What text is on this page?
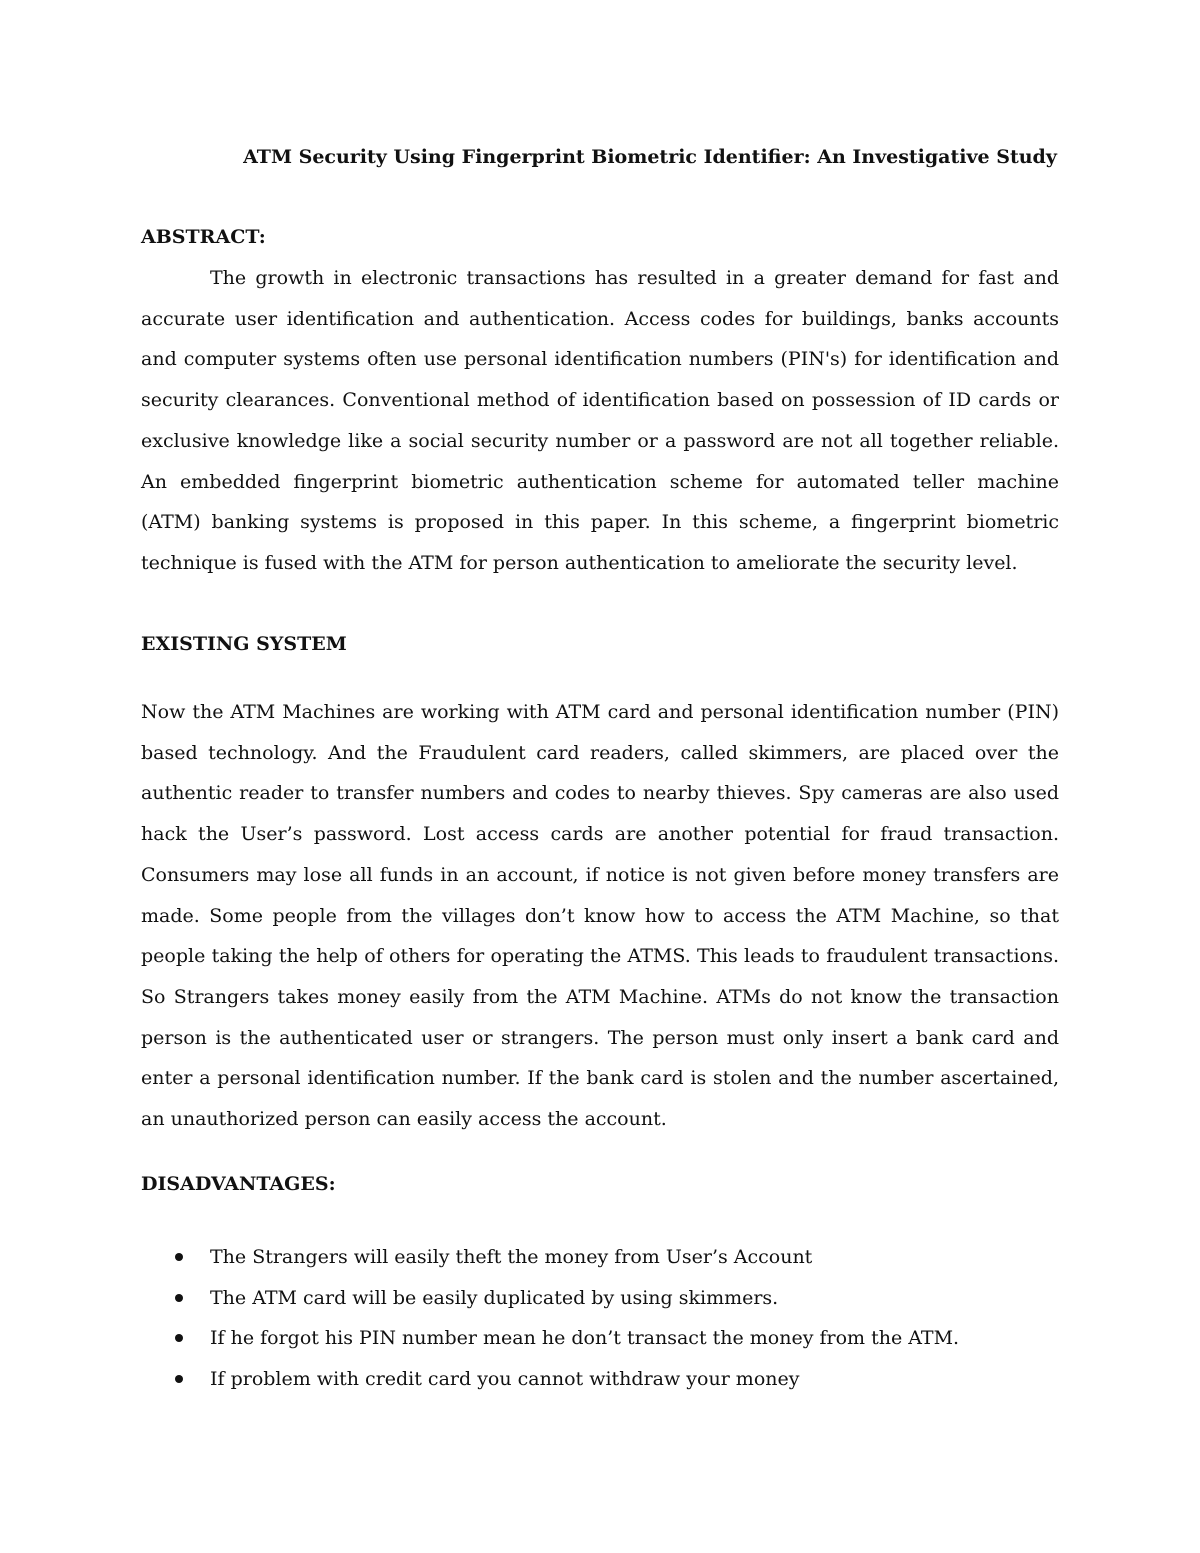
ATM Security Using Fingerprint Biometric Identifier: An Investigative Study
ABSTRACT:

The growth in electronic transactions has resulted in a greater demand for fast and accurate user identification and authentication. Access codes for buildings, banks accounts and computer systems often use personal identification numbers (PIN's) for identification and security clearances. Conventional method of identification based on possession of ID cards or exclusive knowledge like a social security number or a password are not all together reliable. An embedded fingerprint biometric authentication scheme for automated teller machine (ATM) banking systems is proposed in this paper. In this scheme, a fingerprint biometric technique is fused with the ATM for person authentication to ameliorate the security level.

EXISTING SYSTEM

Now the ATM Machines are working with ATM card and personal identification number (PIN) based technology. And the Fraudulent card readers, called skimmers, are placed over the authentic reader to transfer numbers and codes to nearby thieves. Spy cameras are also used hack the User’s password. Lost access cards are another potential for fraud transaction. Consumers may lose all funds in an account, if notice is not given before money transfers are made. Some people from the villages don’t know how to access the ATM Machine, so that people taking the help of others for operating the ATMS. This leads to fraudulent transactions. So Strangers takes money easily from the ATM Machine. ATMs do not know the transaction person is the authenticated user or strangers. The person must only insert a bank card and enter a personal identification number. If the bank card is stolen and the number ascertained, an unauthorized person can easily access the account.

DISADVANTAGES:
The Strangers will easily theft the money from User’s Account
The ATM card will be easily duplicated by using skimmers.
If he forgot his PIN number mean he don’t transact the money from the ATM.
If problem with credit card you cannot withdraw your money
